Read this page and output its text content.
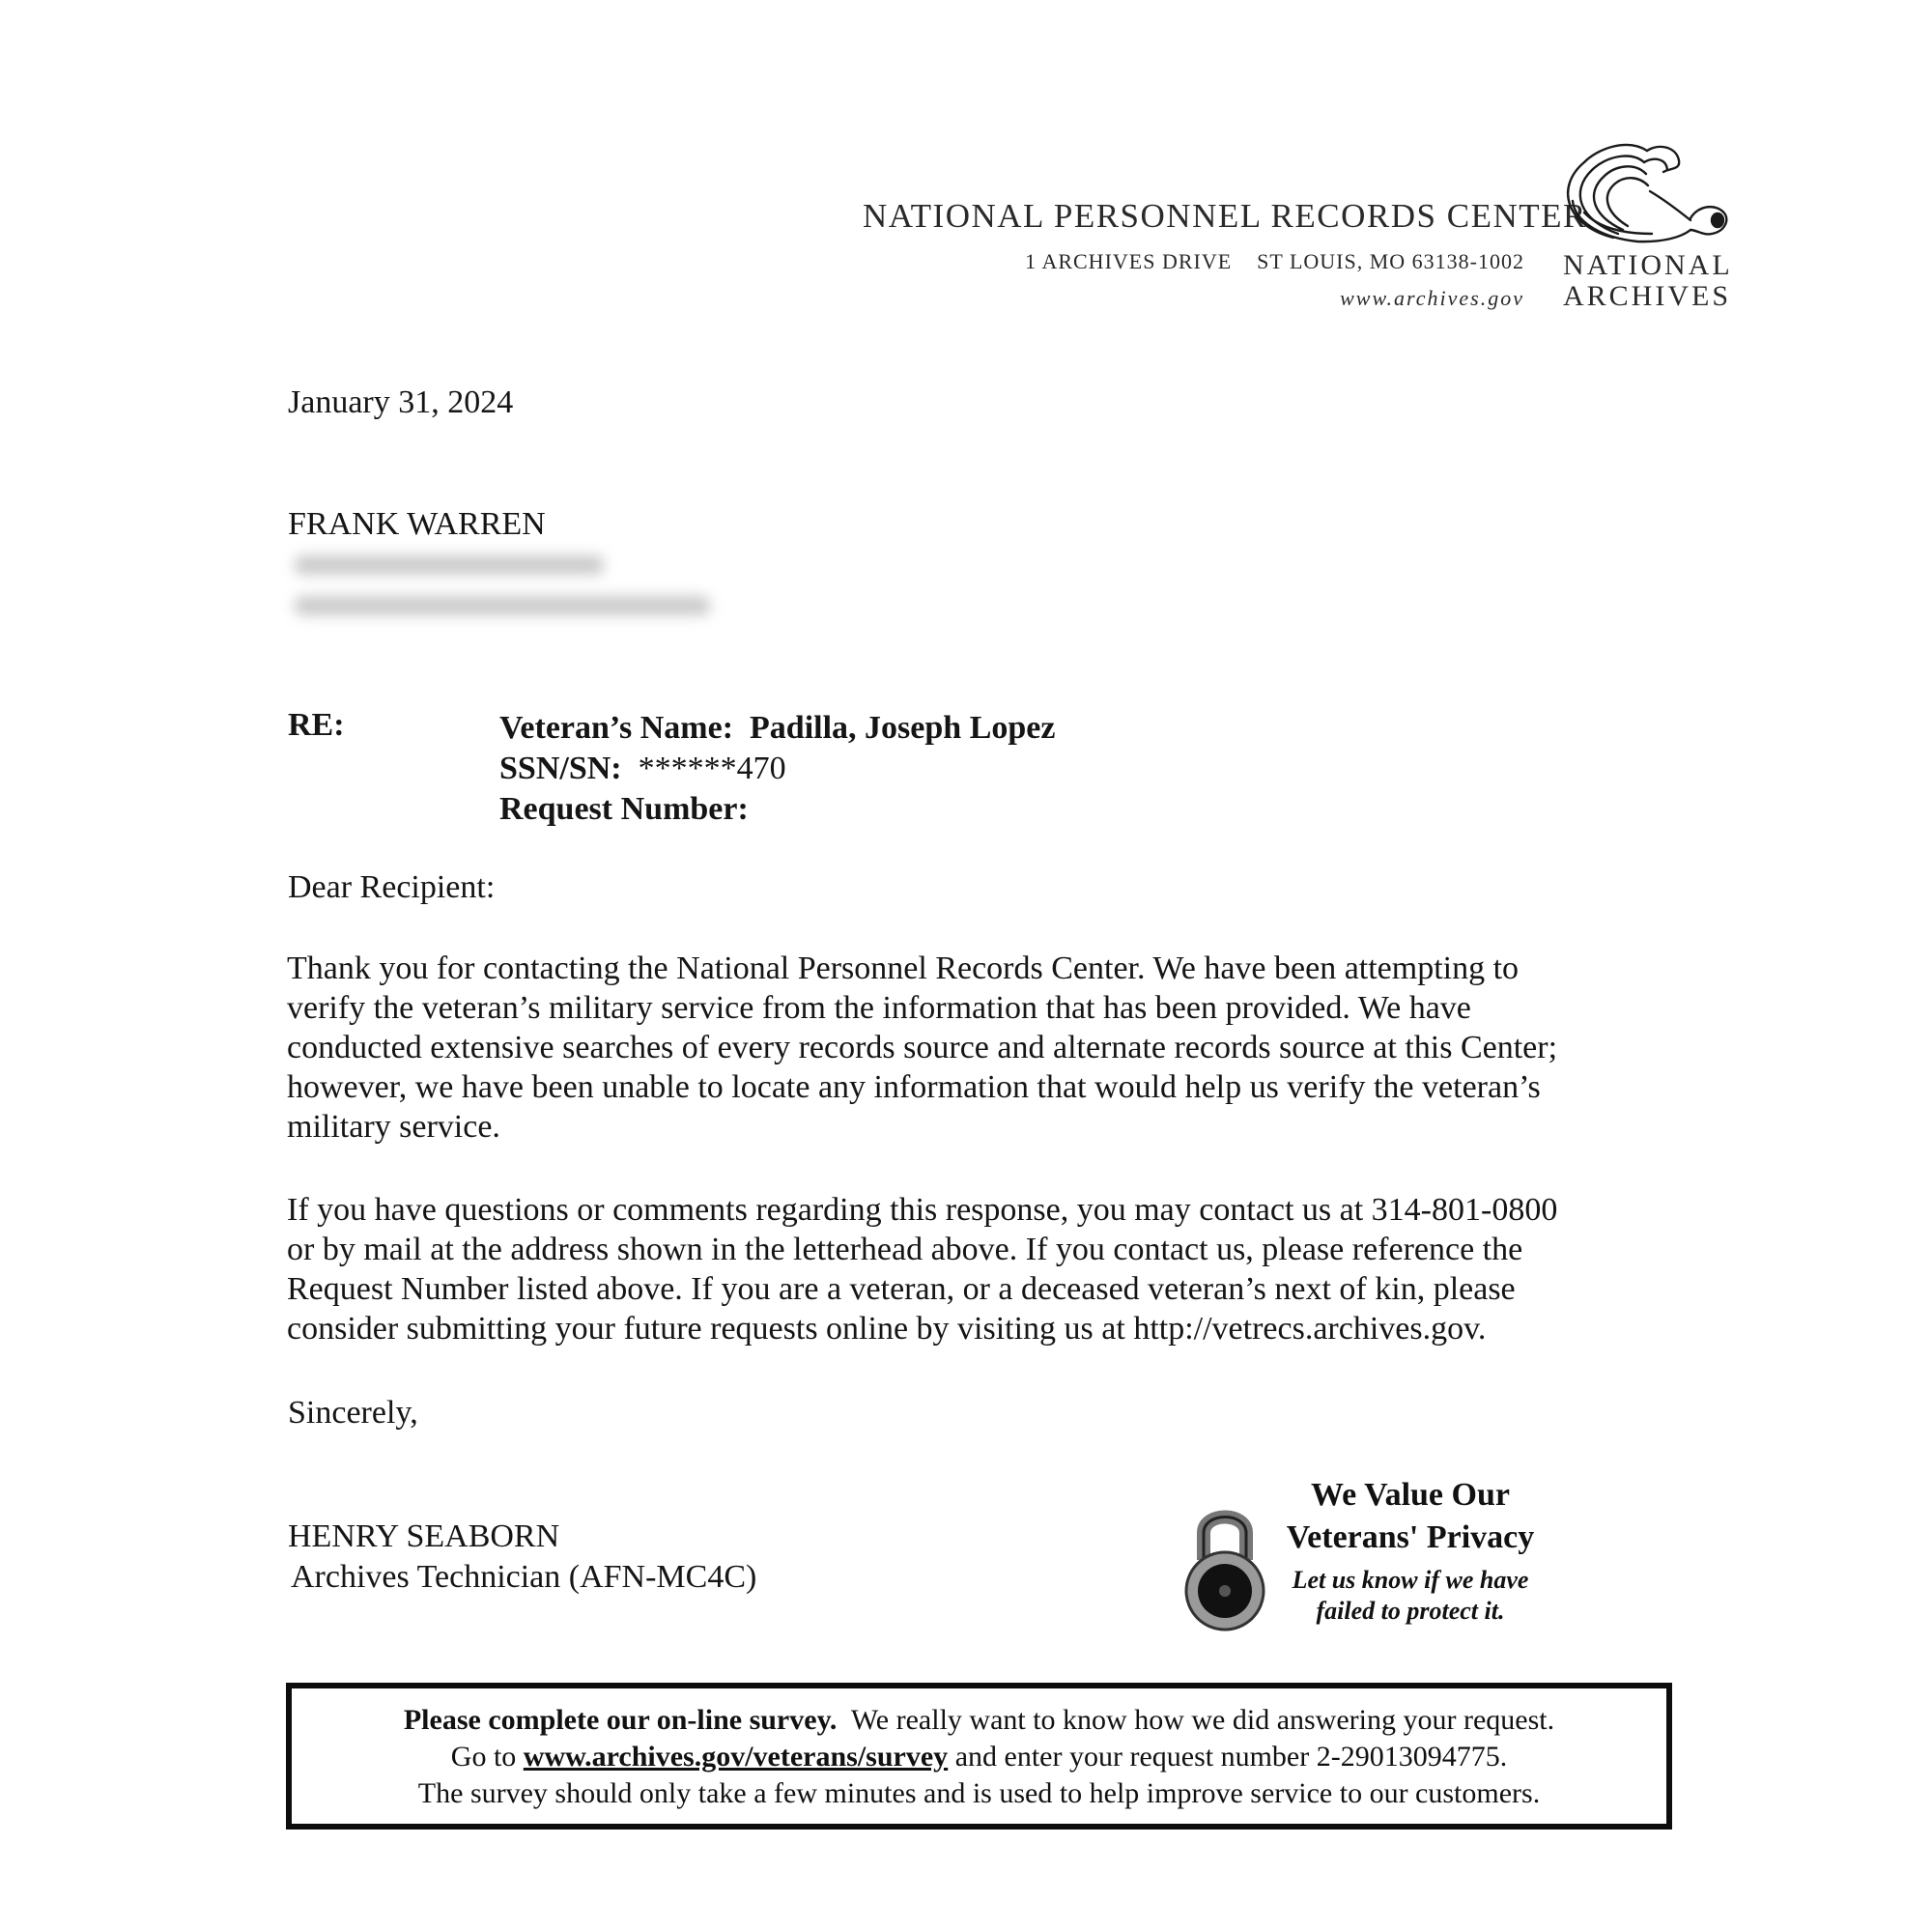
NATIONAL PERSONNEL RECORDS CENTER
1 ARCHIVES DRIVE    ST LOUIS, MO 63138-1002
www.archives.gov
NATIONAL
ARCHIVES
January 31, 2024
FRANK WARREN
RE:	Veteran’s Name: Padilla, Joseph Lopez
SSN/SN: ******470
Request Number:
Dear Recipient:
Thank you for contacting the National Personnel Records Center. We have been attempting to
verify the veteran’s military service from the information that has been provided. We have
conducted extensive searches of every records source and alternate records source at this Center;
however, we have been unable to locate any information that would help us verify the veteran’s
military service.
If you have questions or comments regarding this response, you may contact us at 314-801-0800
or by mail at the address shown in the letterhead above. If you contact us, please reference the
Request Number listed above. If you are a veteran, or a deceased veteran’s next of kin, please
consider submitting your future requests online by visiting us at http://vetrecs.archives.gov.
Sincerely,
HENRY SEABORN
Archives Technician (AFN-MC4C)
We Value Our
Veterans' Privacy
Let us know if we have
failed to protect it.
Please complete our on-line survey.  We really want to know how we did answering your request.
Go to www.archives.gov/veterans/survey and enter your request number 2-29013094775.
The survey should only take a few minutes and is used to help improve service to our customers.
